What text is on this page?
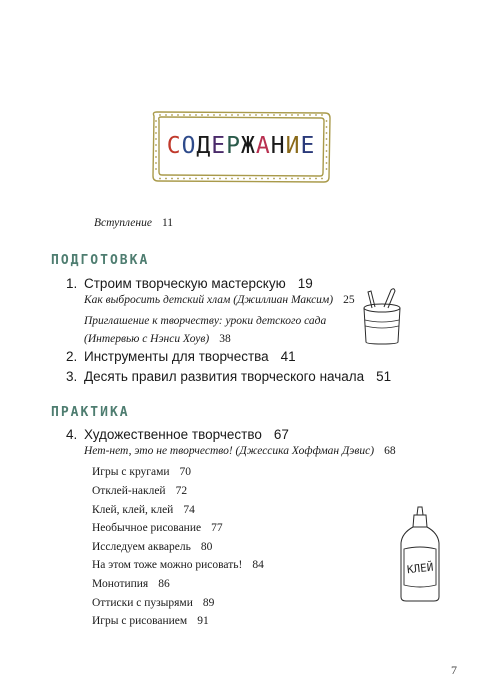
СОДЕРЖАНИЕ
Вступление 11
ПОДГОТОВКА
1. Строим творческую мастерскую 19
Как выбросить детский хлам (Джиллиан Максим) 25
Приглашение к творчеству: уроки детского сада
(Интервью с Нэнси Хоув) 38
2. Инструменты для творчества 41
3. Десять правил развития творческого начала 51
ПРАКТИКА
4. Художественное творчество 67
Нет-нет, это не творчество! (Джессика Хоффман Дэвис) 68
Игры с кругами 70
Отклей-наклей 72
Клей, клей, клей 74
Необычное рисование 77
Исследуем акварель 80
На этом тоже можно рисовать! 84
Монотипия 86
Оттиски с пузырями 89
Игры с рисованием 91
КЛЕЙ
7
